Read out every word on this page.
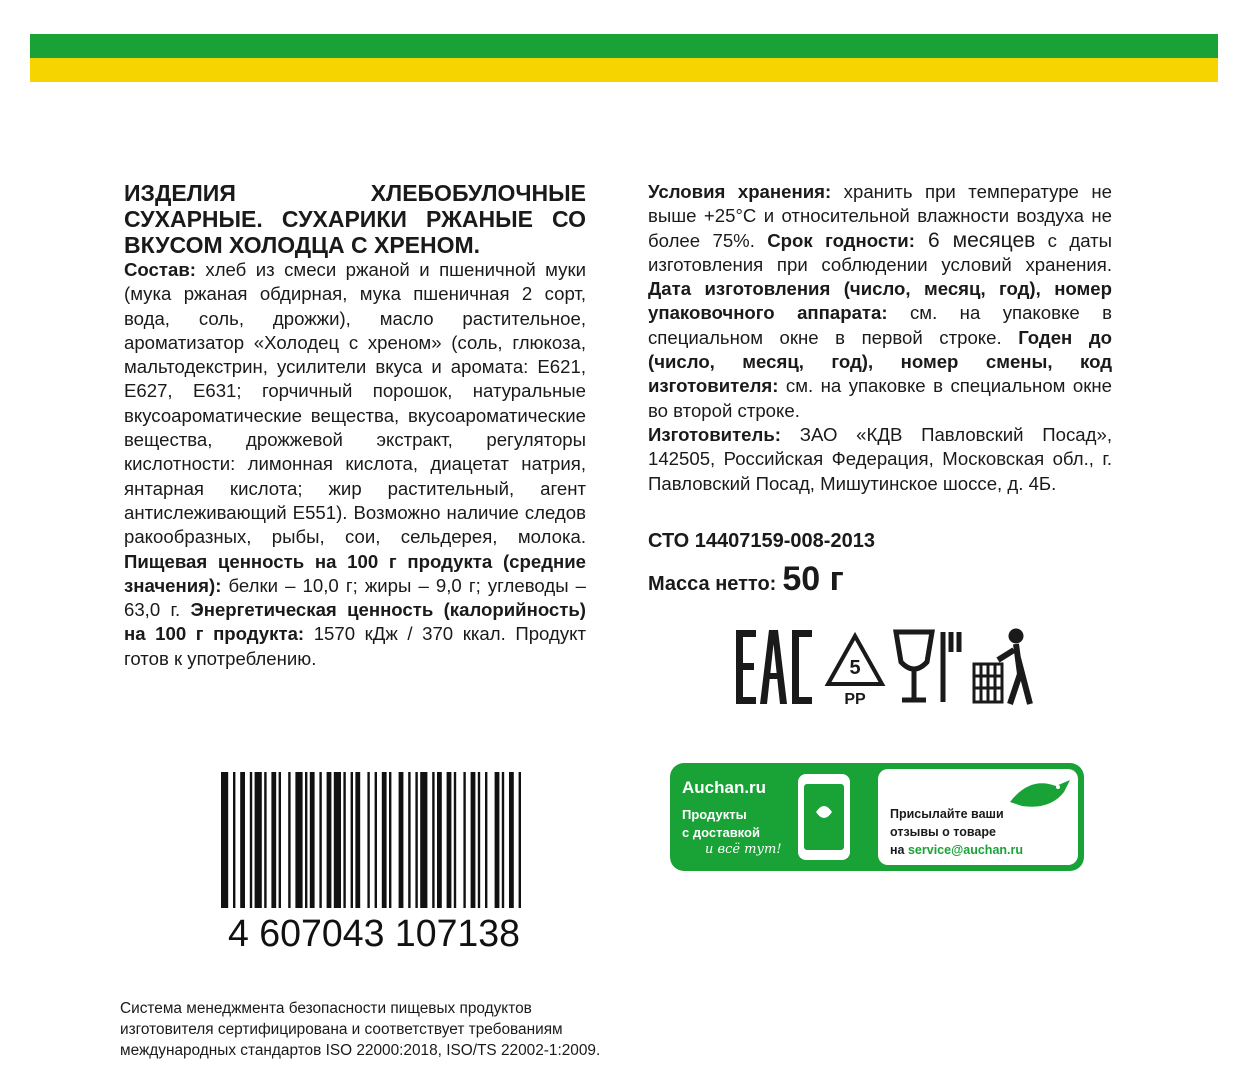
ИЗДЕЛИЯ ХЛЕБОБУЛОЧНЫЕ СУХАРНЫЕ. СУХАРИКИ РЖАНЫЕ СО ВКУСОМ ХОЛОДЦА С ХРЕНОМ.

Состав: хлеб из смеси ржаной и пшеничной муки (мука ржаная обдирная, мука пшеничная 2 сорт, вода, соль, дрожжи), масло растительное, ароматизатор «Холодец с хреном» (соль, глюкоза, мальтодекстрин, усилители вкуса и аромата: Е621, Е627, Е631; горчичный порошок, натуральные вкусоароматические вещества, вкусоароматические вещества, дрожжевой экстракт, регуляторы кислотности: лимонная кислота, диацетат натрия, янтарная кислота; жир растительный, агент антислеживающий Е551). Возможно наличие следов ракообразных, рыбы, сои, сельдерея, молока. Пищевая ценность на 100 г продукта (средние значения): белки – 10,0 г; жиры – 9,0 г; углеводы – 63,0 г. Энергетическая ценность (калорийность) на 100 г продукта: 1570 кДж / 370 ккал. Продукт готов к употреблению.

Условия хранения: хранить при температуре не выше +25°С и относительной влажности воздуха не более 75%. Срок годности: 6 месяцев с даты изготовления при соблюдении условий хранения. Дата изготовления (число, месяц, год), номер упаковочного аппарата: см. на упаковке в специальном окне в первой строке. Годен до (число, месяц, год), номер смены, код изготовителя: см. на упаковке в специальном окне во второй строке.

Изготовитель: ЗАО «КДВ Павловский Посад», 142505, Российская Федерация, Московская обл., г. Павловский Посад, Мишутинское шоссе, д. 4Б.

СТО 14407159-008-2013
Масса нетто: 50 г
5
PP
Auchan.ru
Продукты
с доставкой
и всё тут!
Присылайте ваши
отзывы о товаре
на service@auchan.ru
4 607043 107138

Система менеджмента безопасности пищевых продуктов изготовителя сертифицирована и соответствует требованиям международных стандартов ISO 22000:2018, ISO/TS 22002-1:2009.
